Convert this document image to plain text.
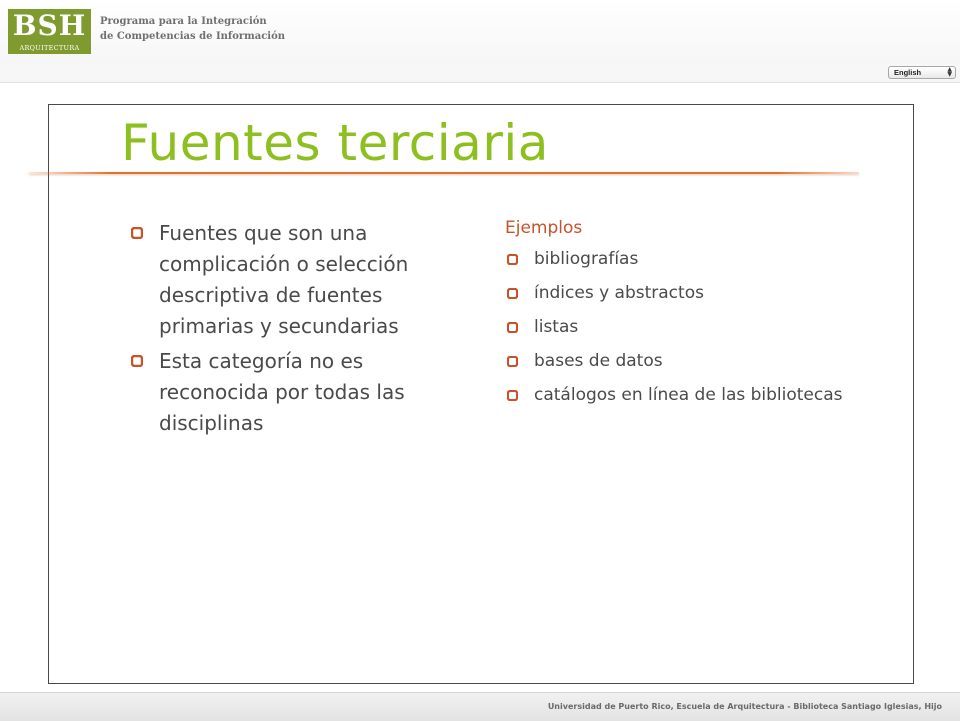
BSH
ARQUITECTURA
Programa para la Integración
de Competencias de Información
English	▲
▼
Fuentes terciaria
Fuentes que son una complicación o selección descriptiva de fuentes primarias y secundarias
Esta categoría no es reconocida por todas las disciplinas
Ejemplos
bibliografías
índices y abstractos
listas
bases de datos
catálogos en línea de las bibliotecas
Universidad de Puerto Rico, Escuela de Arquitectura - Biblioteca Santiago Iglesias, Hijo
